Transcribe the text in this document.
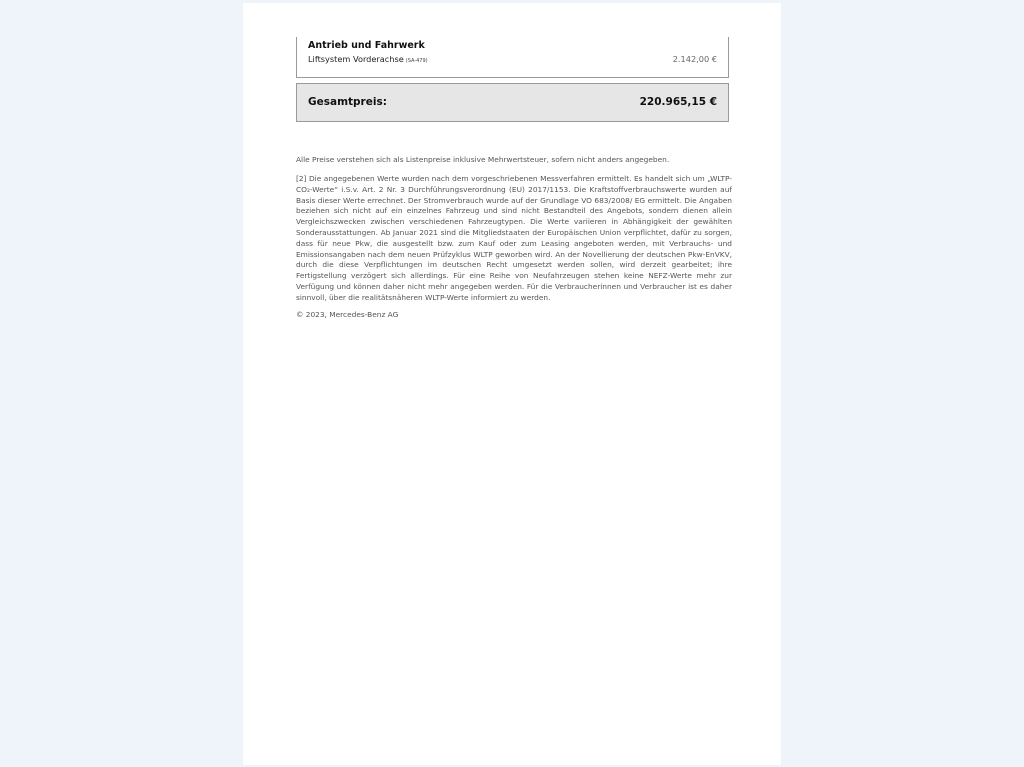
Antrieb und Fahrwerk
Liftsystem Vorderachse (SA-479)	2.142,00 €
Gesamtpreis:	220.965,15 €
Alle Preise verstehen sich als Listenpreise inklusive Mehrwertsteuer, sofern nicht anders angegeben.
[2] Die angegebenen Werte wurden nach dem vorgeschriebenen Messverfahren ermittelt. Es handelt sich um „WLTP-CO₂-Werte“ i.S.v. Art. 2 Nr. 3 Durchführungsverordnung (EU) 2017/1153. Die Kraftstoffverbrauchswerte wurden auf Basis dieser Werte errechnet. Der Stromverbrauch wurde auf der Grundlage VO 683/2008/ EG ermittelt. Die Angaben beziehen sich nicht auf ein einzelnes Fahrzeug und sind nicht Bestandteil des Angebots, sondern dienen allein Vergleichszwecken zwischen verschiedenen Fahrzeugtypen. Die Werte variieren in Abhängigkeit der gewählten Sonderausstattungen. Ab Januar 2021 sind die Mitgliedstaaten der Europäischen Union verpflichtet, dafür zu sorgen, dass für neue Pkw, die ausgestellt bzw. zum Kauf oder zum Leasing angeboten werden, mit Verbrauchs- und Emissionsangaben nach dem neuen Prüfzyklus WLTP geworben wird. An der Novellierung der deutschen Pkw-EnVKV, durch die diese Verpflichtungen im deutschen Recht umgesetzt werden sollen, wird derzeit gearbeitet; ihre Fertigstellung verzögert sich allerdings. Für eine Reihe von Neufahrzeugen stehen keine NEFZ-Werte mehr zur Verfügung und können daher nicht mehr angegeben werden. Für die Verbraucherinnen und Verbraucher ist es daher sinnvoll, über die realitätsnäheren WLTP-Werte informiert zu werden.
© 2023, Mercedes-Benz AG
